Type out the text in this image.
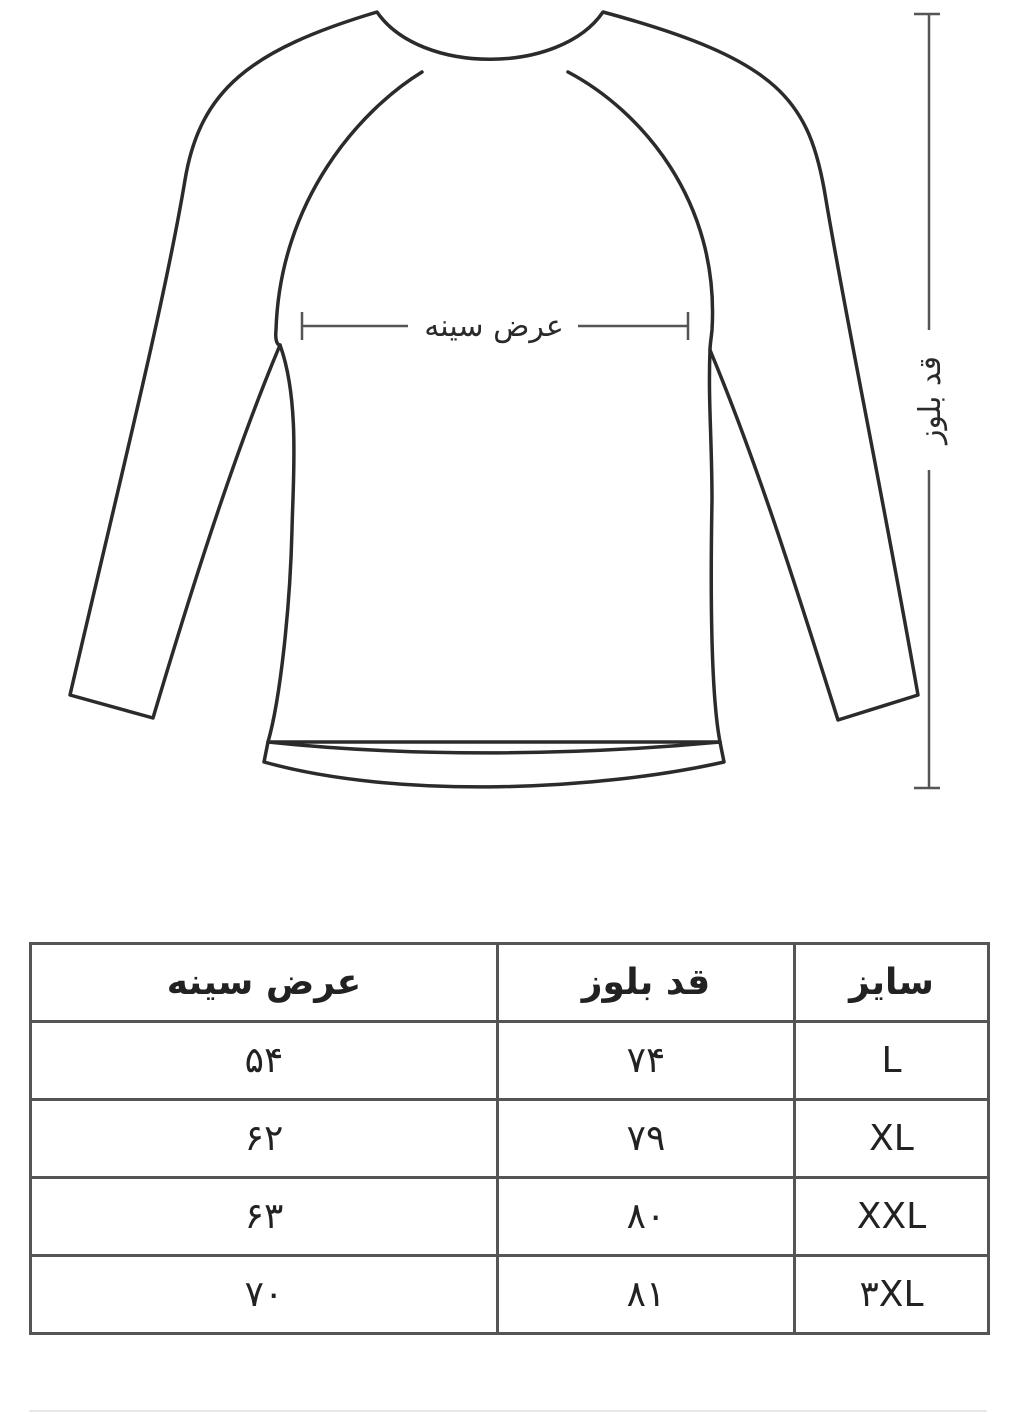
عرض سینه
قد بلوز
سایز	قد بلوز	عرض سینه
L	۷۴	۵۴
XL	۷۹	۶۲
XXL	۸۰	۶۳
۳XL	۸۱	۷۰
